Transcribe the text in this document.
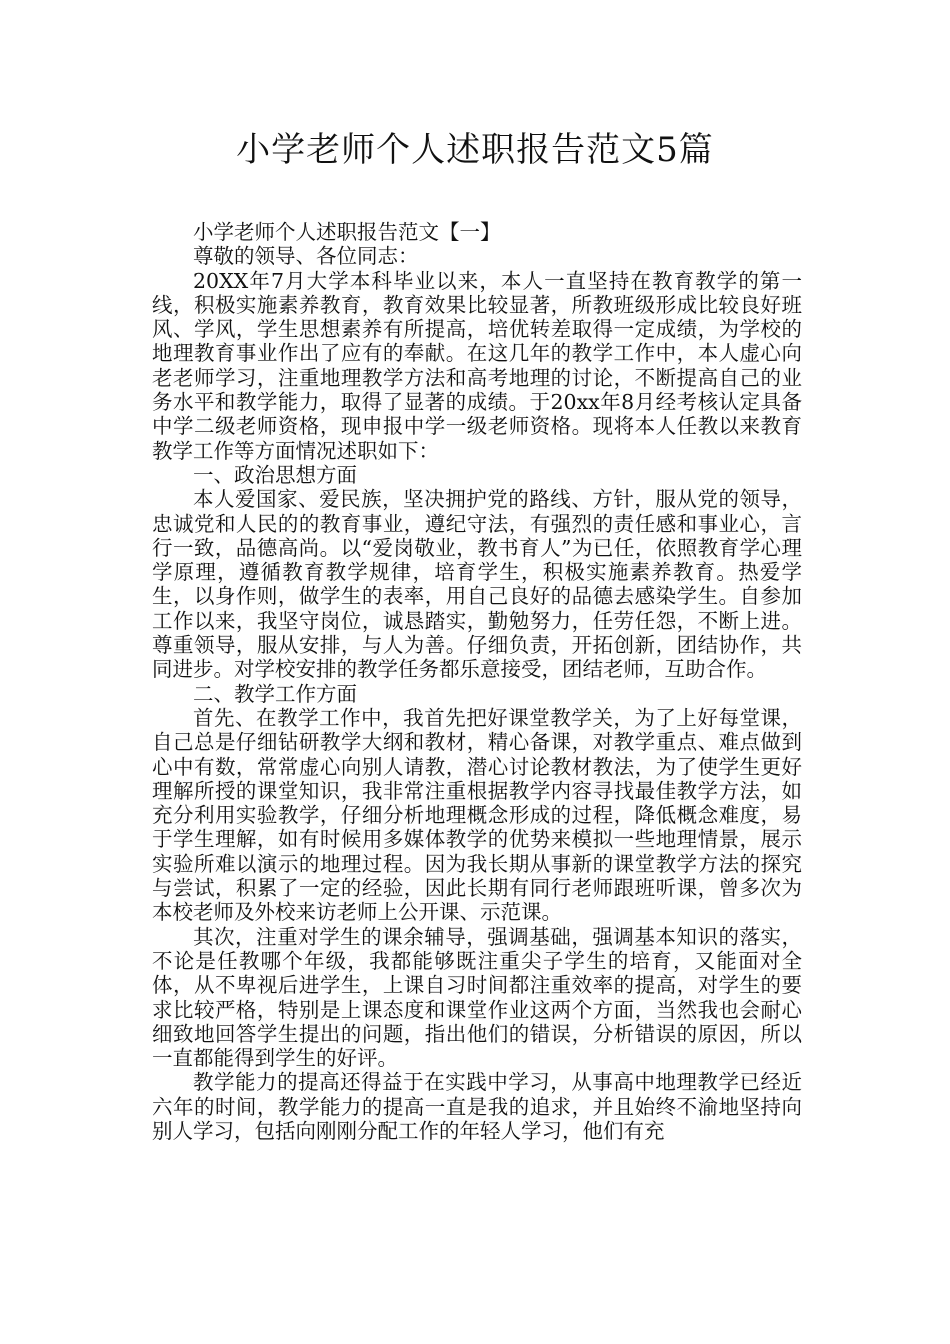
小学老师个人述职报告范文5篇

小学老师个人述职报告范文【一】

尊敬的领导、各位同志：

20XX年7月大学本科毕业以来，本人一直坚持在教育教学的第一线，积极实施素养教育，教育效果比较显著，所教班级形成比较良好班风、学风，学生思想素养有所提高，培优转差取得一定成绩，为学校的地理教育事业作出了应有的奉献。在这几年的教学工作中，本人虚心向老老师学习，注重地理教学方法和高考地理的讨论，不断提高自己的业务水平和教学能力，取得了显著的成绩。于20xx年8月经考核认定具备中学二级老师资格，现申报中学一级老师资格。现将本人任教以来教育教学工作等方面情况述职如下：

一、政治思想方面

本人爱国家、爱民族，坚决拥护党的路线、方针，服从党的领导，忠诚党和人民的的教育事业，遵纪守法，有强烈的责任感和事业心，言行一致，品德高尚。以“爱岗敬业，教书育人”为已任，依照教育学心理学原理，遵循教育教学规律，培育学生，积极实施素养教育。热爱学生，以身作则，做学生的表率，用自己良好的品德去感染学生。自参加工作以来，我坚守岗位，诚恳踏实，勤勉努力，任劳任怨，不断上进。尊重领导，服从安排，与人为善。仔细负责，开拓创新，团结协作，共同进步。对学校安排的教学任务都乐意接受，团结老师，互助合作。

二、教学工作方面

首先、在教学工作中，我首先把好课堂教学关，为了上好每堂课，自己总是仔细钻研教学大纲和教材，精心备课，对教学重点、难点做到心中有数，常常虚心向别人请教，潜心讨论教材教法，为了使学生更好理解所授的课堂知识，我非常注重根据教学内容寻找最佳教学方法，如充分利用实验教学，仔细分析地理概念形成的过程，降低概念难度，易于学生理解，如有时候用多媒体教学的优势来模拟一些地理情景，展示实验所难以演示的地理过程。因为我长期从事新的课堂教学方法的探究与尝试，积累了一定的经验，因此长期有同行老师跟班听课，曾多次为本校老师及外校来访老师上公开课、示范课。

其次，注重对学生的课余辅导，强调基础，强调基本知识的落实，不论是任教哪个年级，我都能够既注重尖子学生的培育，又能面对全体，从不卑视后进学生，上课自习时间都注重效率的提高，对学生的要求比较严格，特别是上课态度和课堂作业这两个方面，当然我也会耐心细致地回答学生提出的问题，指出他们的错误，分析错误的原因，所以一直都能得到学生的好评。

教学能力的提高还得益于在实践中学习，从事高中地理教学已经近六年的时间，教学能力的提高一直是我的追求，并且始终不渝地坚持向别人学习，包括向刚刚分配工作的年轻人学习，他们有充
